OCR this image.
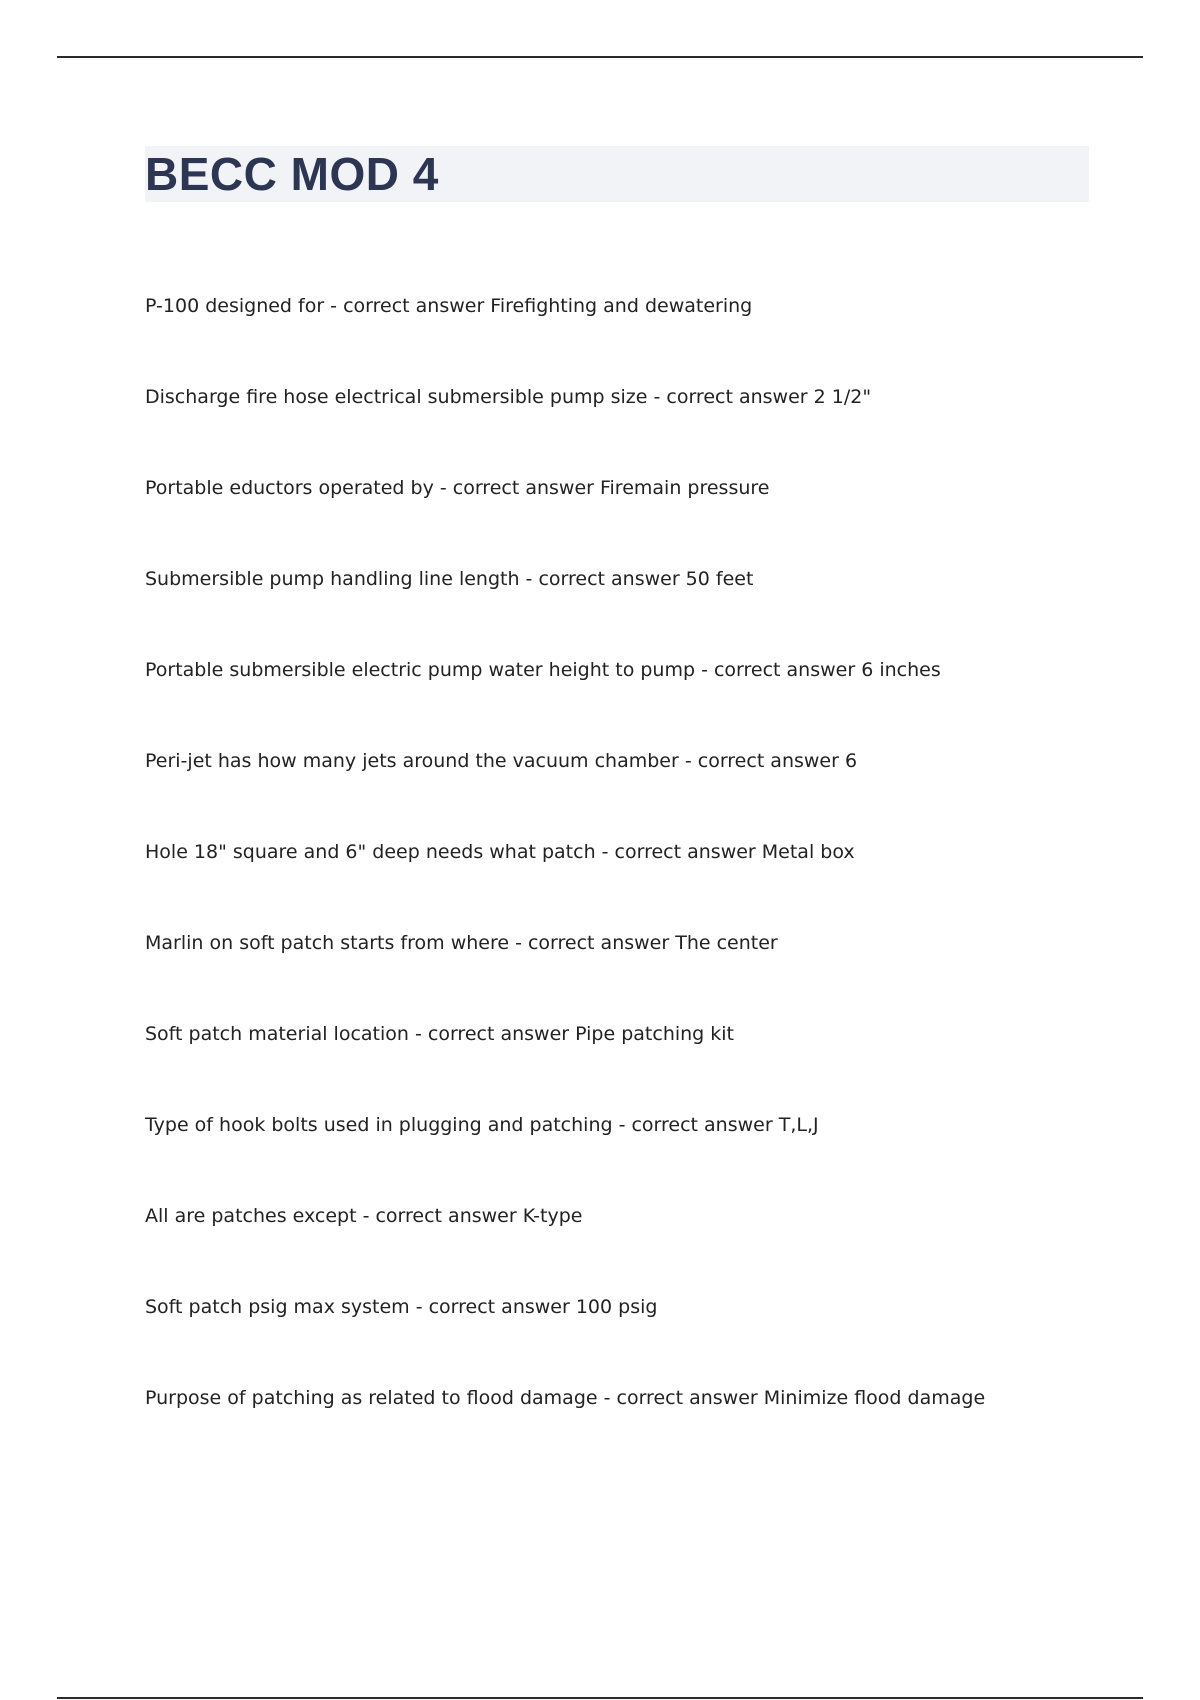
BECC MOD 4
P-100 designed for - correct answer Firefighting and dewatering
Discharge fire hose electrical submersible pump size - correct answer 2 1/2"
Portable eductors operated by - correct answer Firemain pressure
Submersible pump handling line length - correct answer 50 feet
Portable submersible electric pump water height to pump - correct answer 6 inches
Peri-jet has how many jets around the vacuum chamber - correct answer 6
Hole 18" square and 6" deep needs what patch - correct answer Metal box
Marlin on soft patch starts from where - correct answer The center
Soft patch material location - correct answer Pipe patching kit
Type of hook bolts used in plugging and patching - correct answer T,L,J
All are patches except - correct answer K-type
Soft patch psig max system - correct answer 100 psig
Purpose of patching as related to flood damage - correct answer Minimize flood damage
